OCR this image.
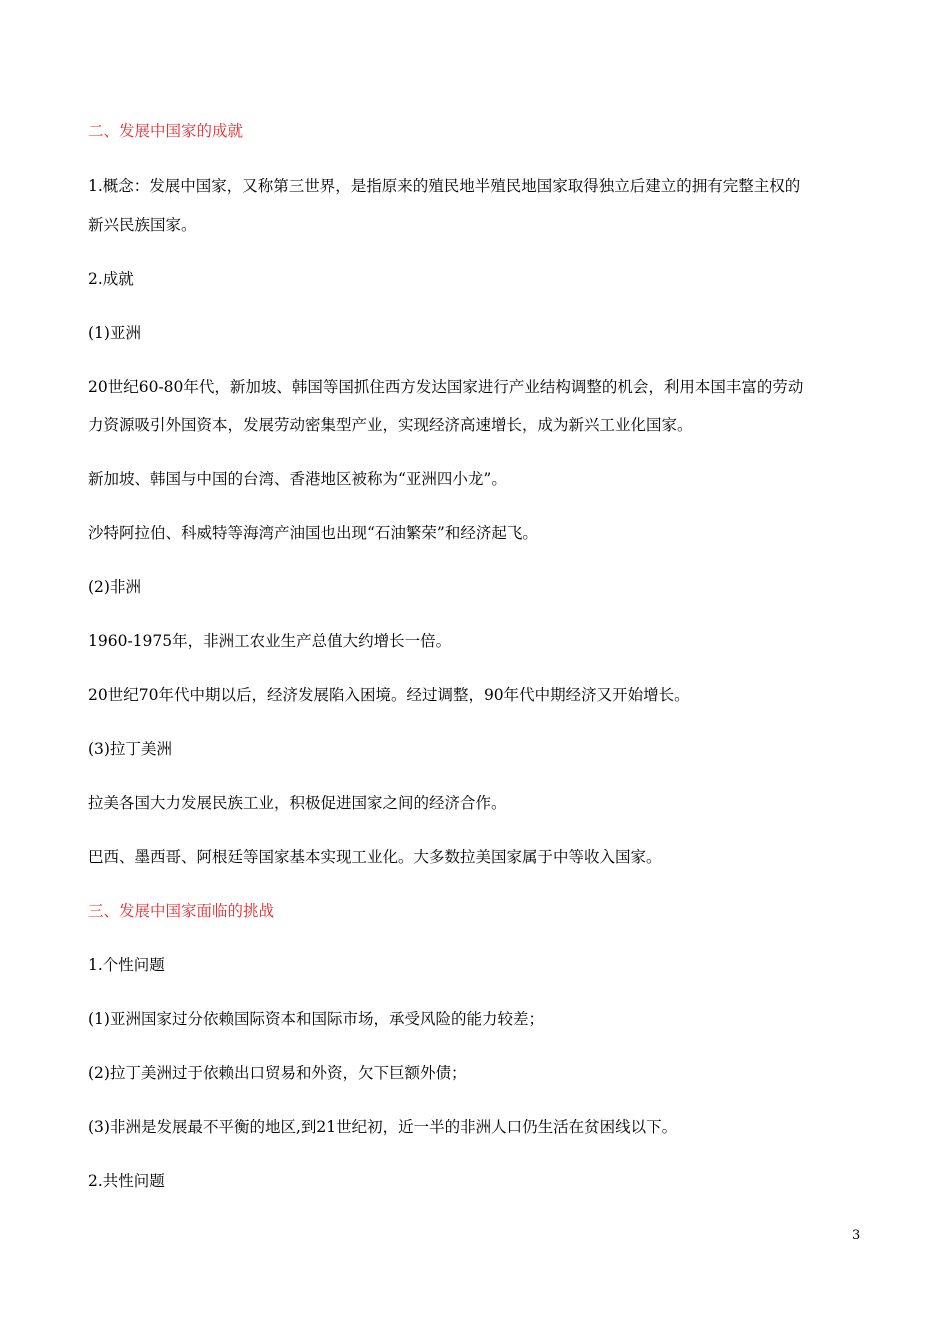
二、发展中国家的成就
1.概念：发展中国家，又称第三世界，是指原来的殖民地半殖民地国家取得独立后建立的拥有完整主权的
新兴民族国家。
2.成就
(1)亚洲
20世纪60-80年代，新加坡、韩国等国抓住西方发达国家进行产业结构调整的机会，利用本国丰富的劳动
力资源吸引外国资本，发展劳动密集型产业，实现经济高速增长，成为新兴工业化国家。
新加坡、韩国与中国的台湾、香港地区被称为“亚洲四小龙”。
沙特阿拉伯、科威特等海湾产油国也出现“石油繁荣”和经济起飞。
(2)非洲
1960-1975年，非洲工农业生产总值大约增长一倍。
20世纪70年代中期以后，经济发展陷入困境。经过调整，90年代中期经济又开始增长。
(3)拉丁美洲
拉美各国大力发展民族工业，积极促进国家之间的经济合作。
巴西、墨西哥、阿根廷等国家基本实现工业化。大多数拉美国家属于中等收入国家。
三、发展中国家面临的挑战
1.个性问题
(1)亚洲国家过分依赖国际资本和国际市场，承受风险的能力较差；
(2)拉丁美洲过于依赖出口贸易和外资，欠下巨额外债；
(3)非洲是发展最不平衡的地区,到21世纪初，近一半的非洲人口仍生活在贫困线以下。
2.共性问题
3
